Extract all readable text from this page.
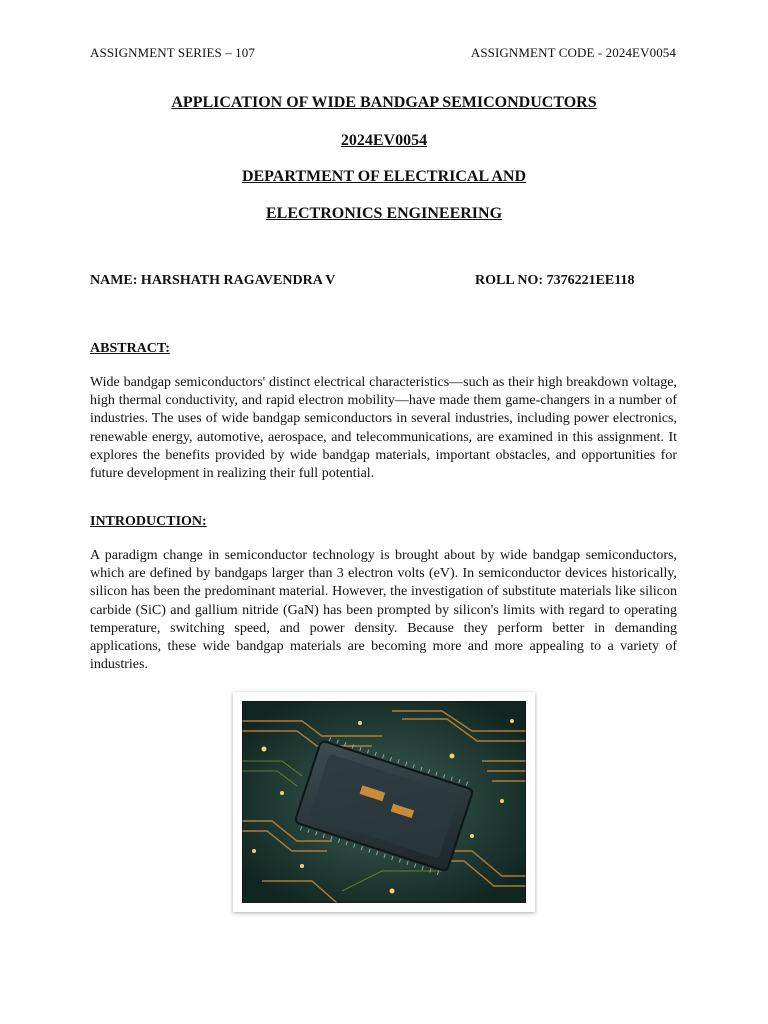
ASSIGNMENT SERIES – 107	ASSIGNMENT CODE - 2024EV0054
APPLICATION OF WIDE BANDGAP SEMICONDUCTORS
2024EV0054
DEPARTMENT OF ELECTRICAL AND
ELECTRONICS ENGINEERING
NAME: HARSHATH RAGAVENDRA V	ROLL NO: 7376221EE118
ABSTRACT:

Wide bandgap semiconductors' distinct electrical characteristics—such as their high breakdown voltage, high thermal conductivity, and rapid electron mobility—have made them game-changers in a number of industries. The uses of wide bandgap semiconductors in several industries, including power electronics, renewable energy, automotive, aerospace, and telecommunications, are examined in this assignment. It explores the benefits provided by wide bandgap materials, important obstacles, and opportunities for future development in realizing their full potential.

INTRODUCTION:

A paradigm change in semiconductor technology is brought about by wide bandgap semiconductors, which are defined by bandgaps larger than 3 electron volts (eV). In semiconductor devices historically, silicon has been the predominant material. However, the investigation of substitute materials like silicon carbide (SiC) and gallium nitride (GaN) has been prompted by silicon's limits with regard to operating temperature, switching speed, and power density. Because they perform better in demanding applications, these wide bandgap materials are becoming more and more appealing to a variety of industries.
